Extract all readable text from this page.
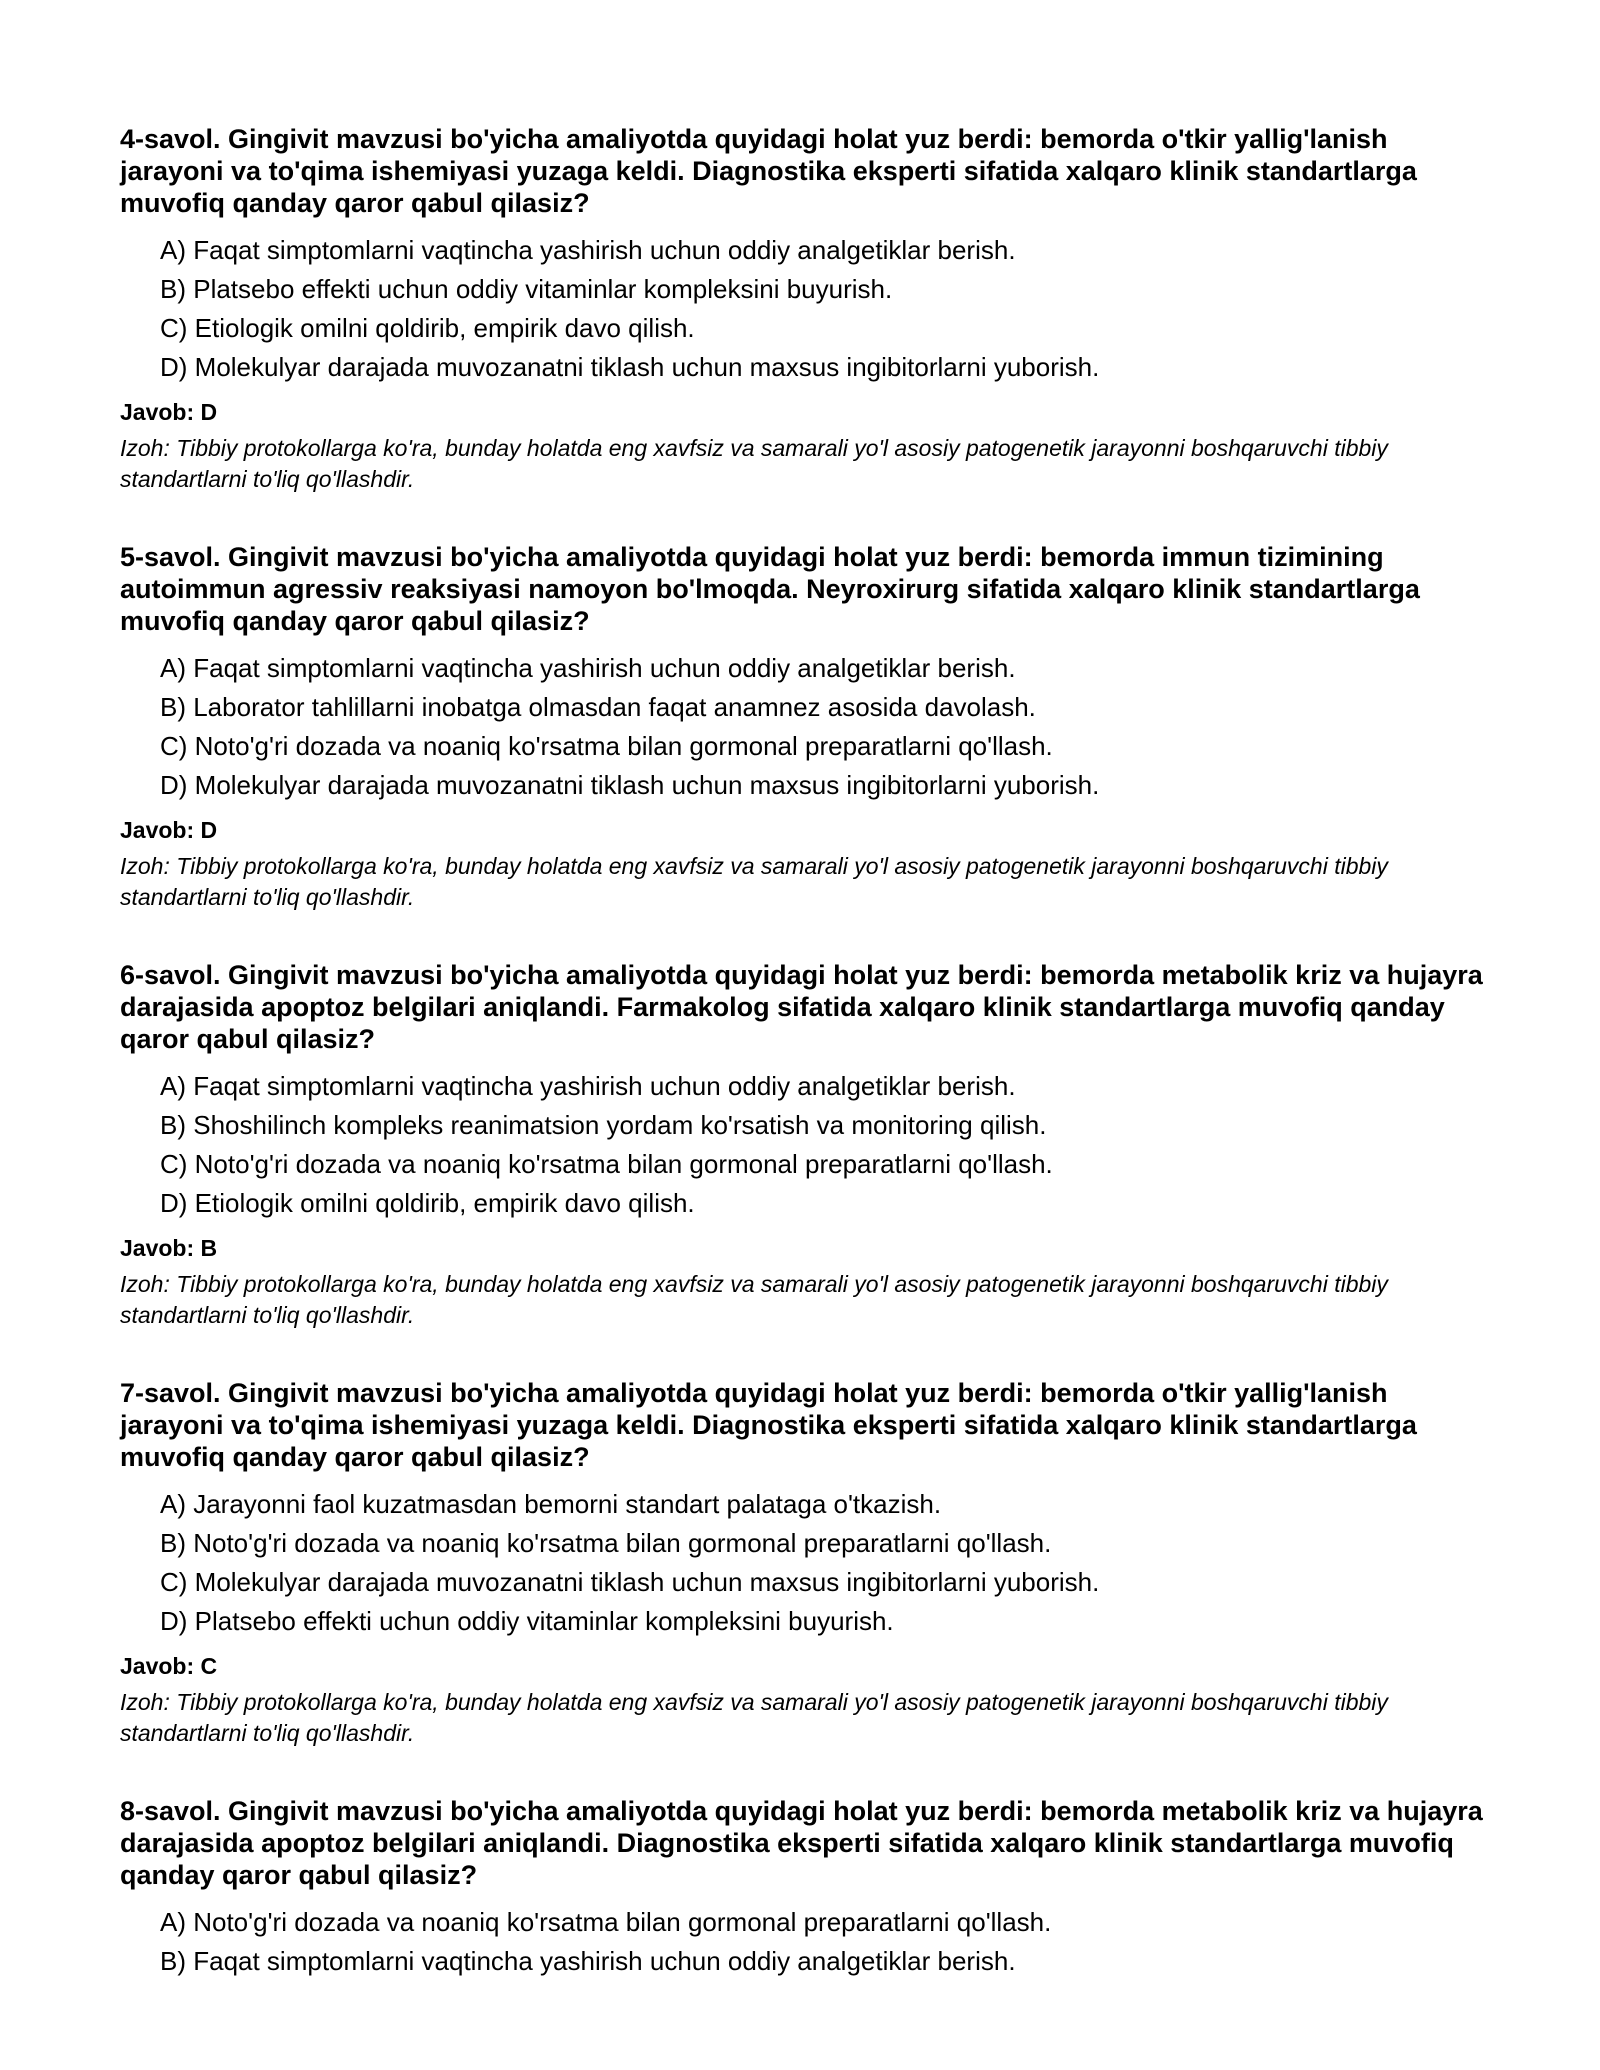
4-savol. Gingivit mavzusi bo'yicha amaliyotda quyidagi holat yuz berdi: bemorda o'tkir yallig'lanish jarayoni va to'qima ishemiyasi yuzaga keldi. Diagnostika eksperti sifatida xalqaro klinik standartlarga muvofiq qanday qaror qabul qilasiz?
A) Faqat simptomlarni vaqtincha yashirish uchun oddiy analgetiklar berish.
B) Platsebo effekti uchun oddiy vitaminlar kompleksini buyurish.
C) Etiologik omilni qoldirib, empirik davo qilish.
D) Molekulyar darajada muvozanatni tiklash uchun maxsus ingibitorlarni yuborish.
Javob: D
Izoh: Tibbiy protokollarga ko'ra, bunday holatda eng xavfsiz va samarali yo'l asosiy patogenetik jarayonni boshqaruvchi tibbiy standartlarni to'liq qo'llashdir.
5-savol. Gingivit mavzusi bo'yicha amaliyotda quyidagi holat yuz berdi: bemorda immun tizimining autoimmun agressiv reaksiyasi namoyon bo'lmoqda. Neyroxirurg sifatida xalqaro klinik standartlarga muvofiq qanday qaror qabul qilasiz?
A) Faqat simptomlarni vaqtincha yashirish uchun oddiy analgetiklar berish.
B) Laborator tahlillarni inobatga olmasdan faqat anamnez asosida davolash.
C) Noto'g'ri dozada va noaniq ko'rsatma bilan gormonal preparatlarni qo'llash.
D) Molekulyar darajada muvozanatni tiklash uchun maxsus ingibitorlarni yuborish.
Javob: D
Izoh: Tibbiy protokollarga ko'ra, bunday holatda eng xavfsiz va samarali yo'l asosiy patogenetik jarayonni boshqaruvchi tibbiy standartlarni to'liq qo'llashdir.
6-savol. Gingivit mavzusi bo'yicha amaliyotda quyidagi holat yuz berdi: bemorda metabolik kriz va hujayra darajasida apoptoz belgilari aniqlandi. Farmakolog sifatida xalqaro klinik standartlarga muvofiq qanday qaror qabul qilasiz?
A) Faqat simptomlarni vaqtincha yashirish uchun oddiy analgetiklar berish.
B) Shoshilinch kompleks reanimatsion yordam ko'rsatish va monitoring qilish.
C) Noto'g'ri dozada va noaniq ko'rsatma bilan gormonal preparatlarni qo'llash.
D) Etiologik omilni qoldirib, empirik davo qilish.
Javob: B
Izoh: Tibbiy protokollarga ko'ra, bunday holatda eng xavfsiz va samarali yo'l asosiy patogenetik jarayonni boshqaruvchi tibbiy standartlarni to'liq qo'llashdir.
7-savol. Gingivit mavzusi bo'yicha amaliyotda quyidagi holat yuz berdi: bemorda o'tkir yallig'lanish jarayoni va to'qima ishemiyasi yuzaga keldi. Diagnostika eksperti sifatida xalqaro klinik standartlarga muvofiq qanday qaror qabul qilasiz?
A) Jarayonni faol kuzatmasdan bemorni standart palataga o'tkazish.
B) Noto'g'ri dozada va noaniq ko'rsatma bilan gormonal preparatlarni qo'llash.
C) Molekulyar darajada muvozanatni tiklash uchun maxsus ingibitorlarni yuborish.
D) Platsebo effekti uchun oddiy vitaminlar kompleksini buyurish.
Javob: C
Izoh: Tibbiy protokollarga ko'ra, bunday holatda eng xavfsiz va samarali yo'l asosiy patogenetik jarayonni boshqaruvchi tibbiy standartlarni to'liq qo'llashdir.
8-savol. Gingivit mavzusi bo'yicha amaliyotda quyidagi holat yuz berdi: bemorda metabolik kriz va hujayra darajasida apoptoz belgilari aniqlandi. Diagnostika eksperti sifatida xalqaro klinik standartlarga muvofiq qanday qaror qabul qilasiz?
A) Noto'g'ri dozada va noaniq ko'rsatma bilan gormonal preparatlarni qo'llash.
B) Faqat simptomlarni vaqtincha yashirish uchun oddiy analgetiklar berish.
